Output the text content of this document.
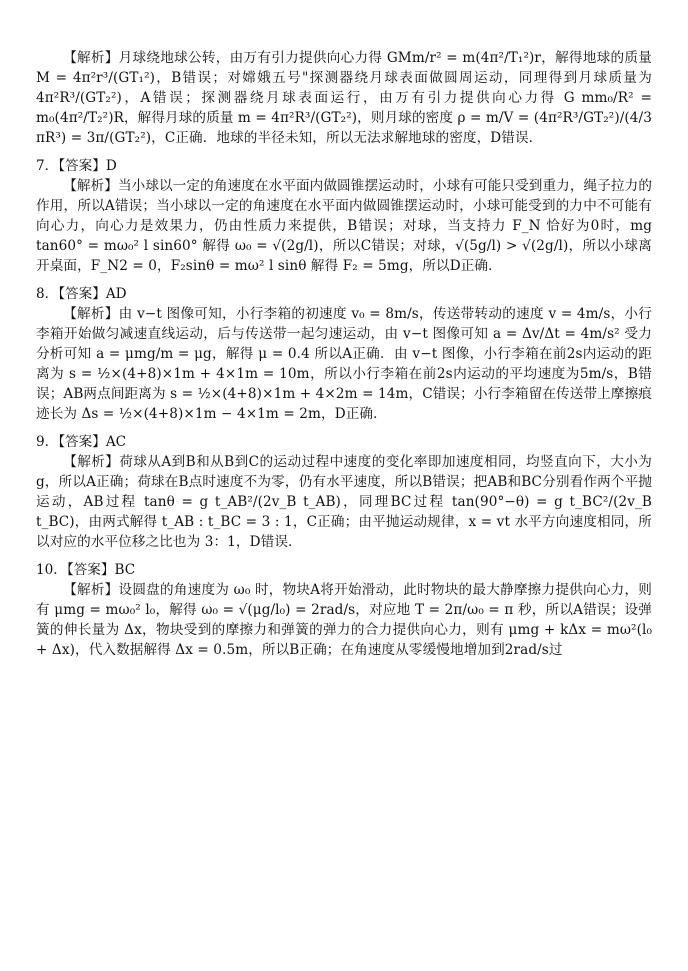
【解析】月球绕地球公转，由万有引力提供向心力得 GMm/r² = m(4π²/T₁²)r，解得地球的质量 M = 4π²r³/(GT₁²)，B错误；对嫦娥五号"探测器绕月球表面做圆周运动，同理得到月球质量为 4π²R³/(GT₂²)，A错误；探测器绕月球表面运行，由万有引力提供向心力得 G mm₀/R² = m₀(4π²/T₂²)R，解得月球的质量 m = 4π²R³/(GT₂²)，则月球的密度 ρ = m/V = (4π²R³/GT₂²)/(4/3 πR³) = 3π/(GT₂²)，C正确．地球的半径未知，所以无法求解地球的密度，D错误．

7．【答案】D

【解析】当小球以一定的角速度在水平面内做圆锥摆运动时，小球有可能只受到重力，绳子拉力的作用，所以A错误；当小球以一定的角速度在水平面内做圆锥摆运动时，小球可能受到的力中不可能有向心力，向心力是效果力，仍由性质力来提供，B错误；对球，当支持力 F_N 恰好为0时，mg tan60° = mω₀² l sin60° 解得 ω₀ = √(2g/l)，所以C错误；对球，√(5g/l) > √(2g/l)，所以小球离开桌面，F_N2 = 0，F₂sinθ = mω² l sinθ 解得 F₂ = 5mg，所以D正确．

8．【答案】AD

【解析】由 v−t 图像可知，小行李箱的初速度 v₀ = 8m/s，传送带转动的速度 v = 4m/s，小行李箱开始做匀减速直线运动，后与传送带一起匀速运动，由 v−t 图像可知 a = Δv/Δt = 4m/s² 受力分析可知 a = μmg/m = μg，解得 μ = 0.4 所以A正确．由 v−t 图像，小行李箱在前2s内运动的距离为 s = ½×(4+8)×1m + 4×1m = 10m，所以小行李箱在前2s内运动的平均速度为5m/s，B错误；AB两点间距离为 s = ½×(4+8)×1m + 4×2m = 14m，C错误；小行李箱留在传送带上摩擦痕迹长为 Δs = ½×(4+8)×1m − 4×1m = 2m，D正确．

9．【答案】AC

【解析】荷球从A到B和从B到C的运动过程中速度的变化率即加速度相同，均竖直向下，大小为g，所以A正确；荷球在B点时速度不为零，仍有水平速度，所以B错误；把AB和BC分别看作两个平抛运动，AB过程 tanθ = g t_AB²/(2v_B t_AB)，同理BC过程 tan(90°−θ) = g t_BC²/(2v_B t_BC)，由两式解得 t_AB : t_BC = 3 : 1，C正确；由平抛运动规律，x = vt 水平方向速度相同，所以对应的水平位移之比也为 3：1，D错误．

10．【答案】BC

【解析】设圆盘的角速度为 ω₀ 时，物块A将开始滑动，此时物块的最大静摩擦力提供向心力，则有 μmg = mω₀² l₀，解得 ω₀ = √(μg/l₀) = 2rad/s，对应地 T = 2π/ω₀ = π 秒，所以A错误；设弹簧的伸长量为 Δx，物块受到的摩擦力和弹簧的弹力的合力提供向心力，则有 μmg + kΔx = mω²(l₀ + Δx)，代入数据解得 Δx = 0.5m，所以B正确；在角速度从零缓慢地增加到2rad/s过
